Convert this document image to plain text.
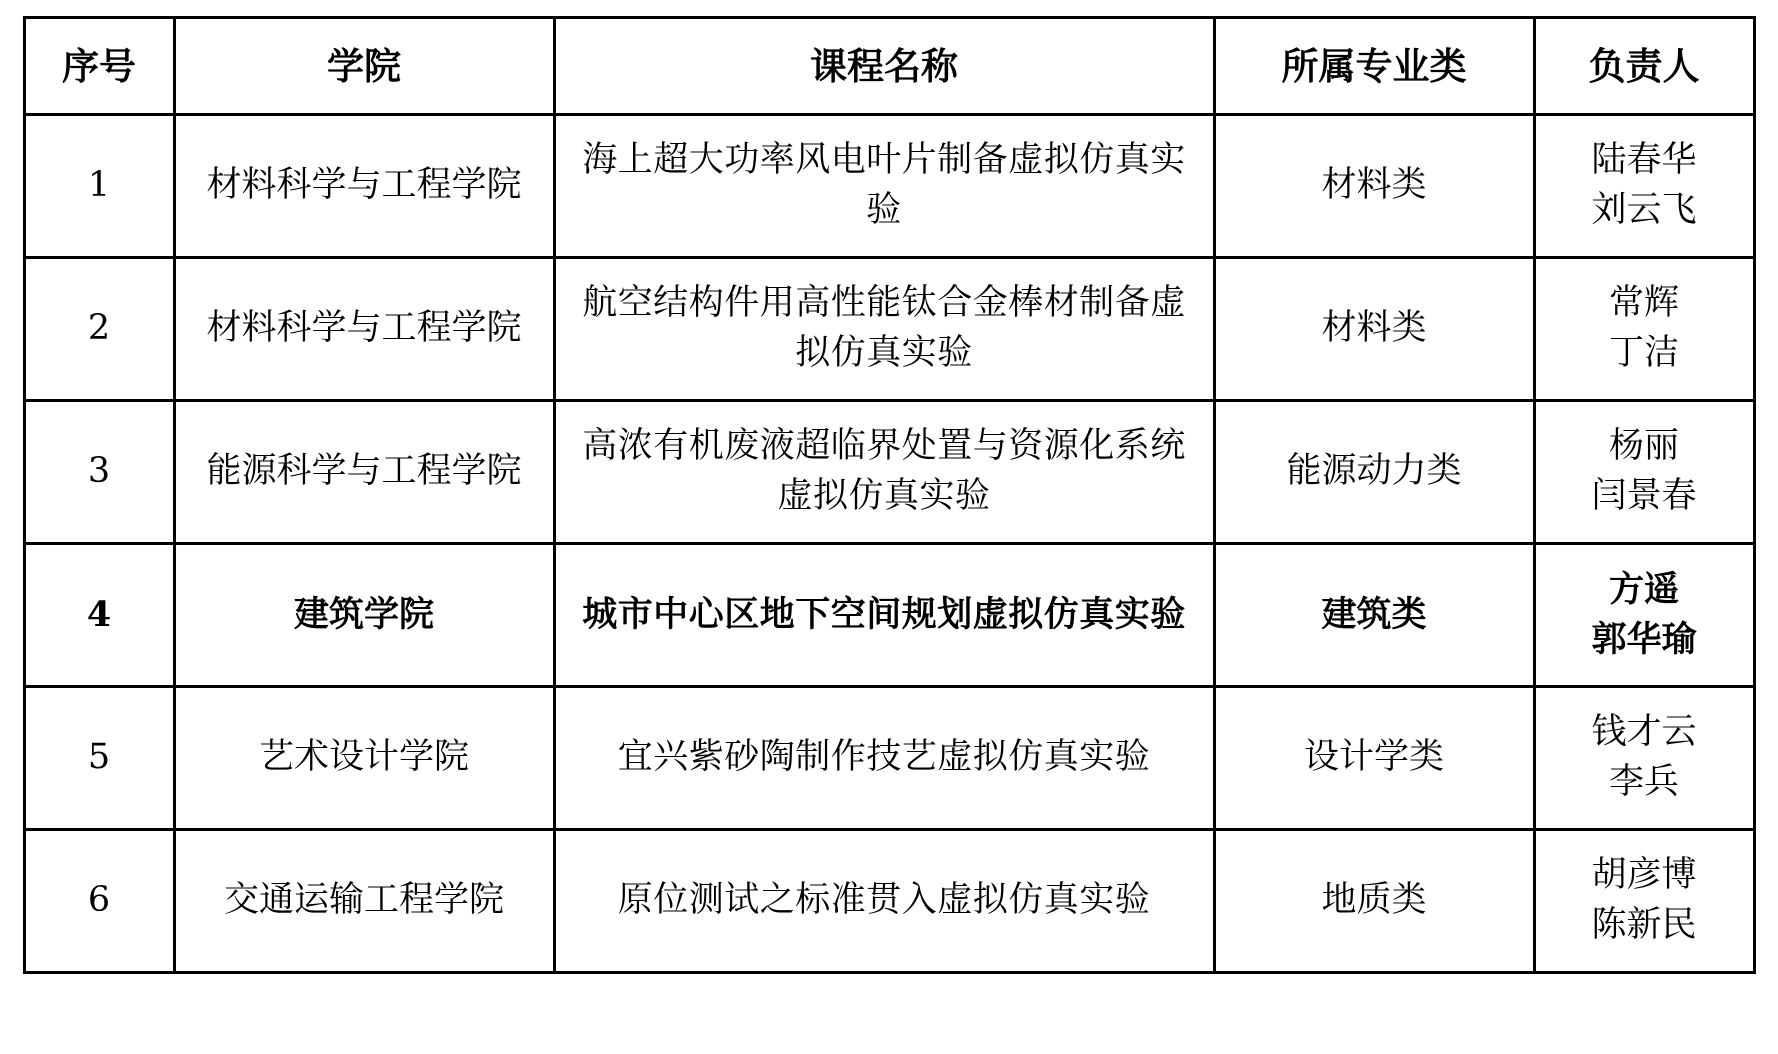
序号	学院	课程名称	所属专业类	负责人
1	材料科学与工程学院	海上超大功率风电叶片制备虚拟仿真实验	材料类	陆春华
刘云飞

2	材料科学与工程学院	航空结构件用高性能钛合金棒材制备虚拟仿真实验	材料类	常辉
丁洁

3	能源科学与工程学院	高浓有机废液超临界处置与资源化系统虚拟仿真实验	能源动力类	杨丽
闫景春

4	建筑学院	城市中心区地下空间规划虚拟仿真实验	建筑类	方遥
郭华瑜

5	艺术设计学院	宜兴紫砂陶制作技艺虚拟仿真实验	设计学类	钱才云
李兵

6	交通运输工程学院	原位测试之标准贯入虚拟仿真实验	地质类	胡彦博
陈新民
